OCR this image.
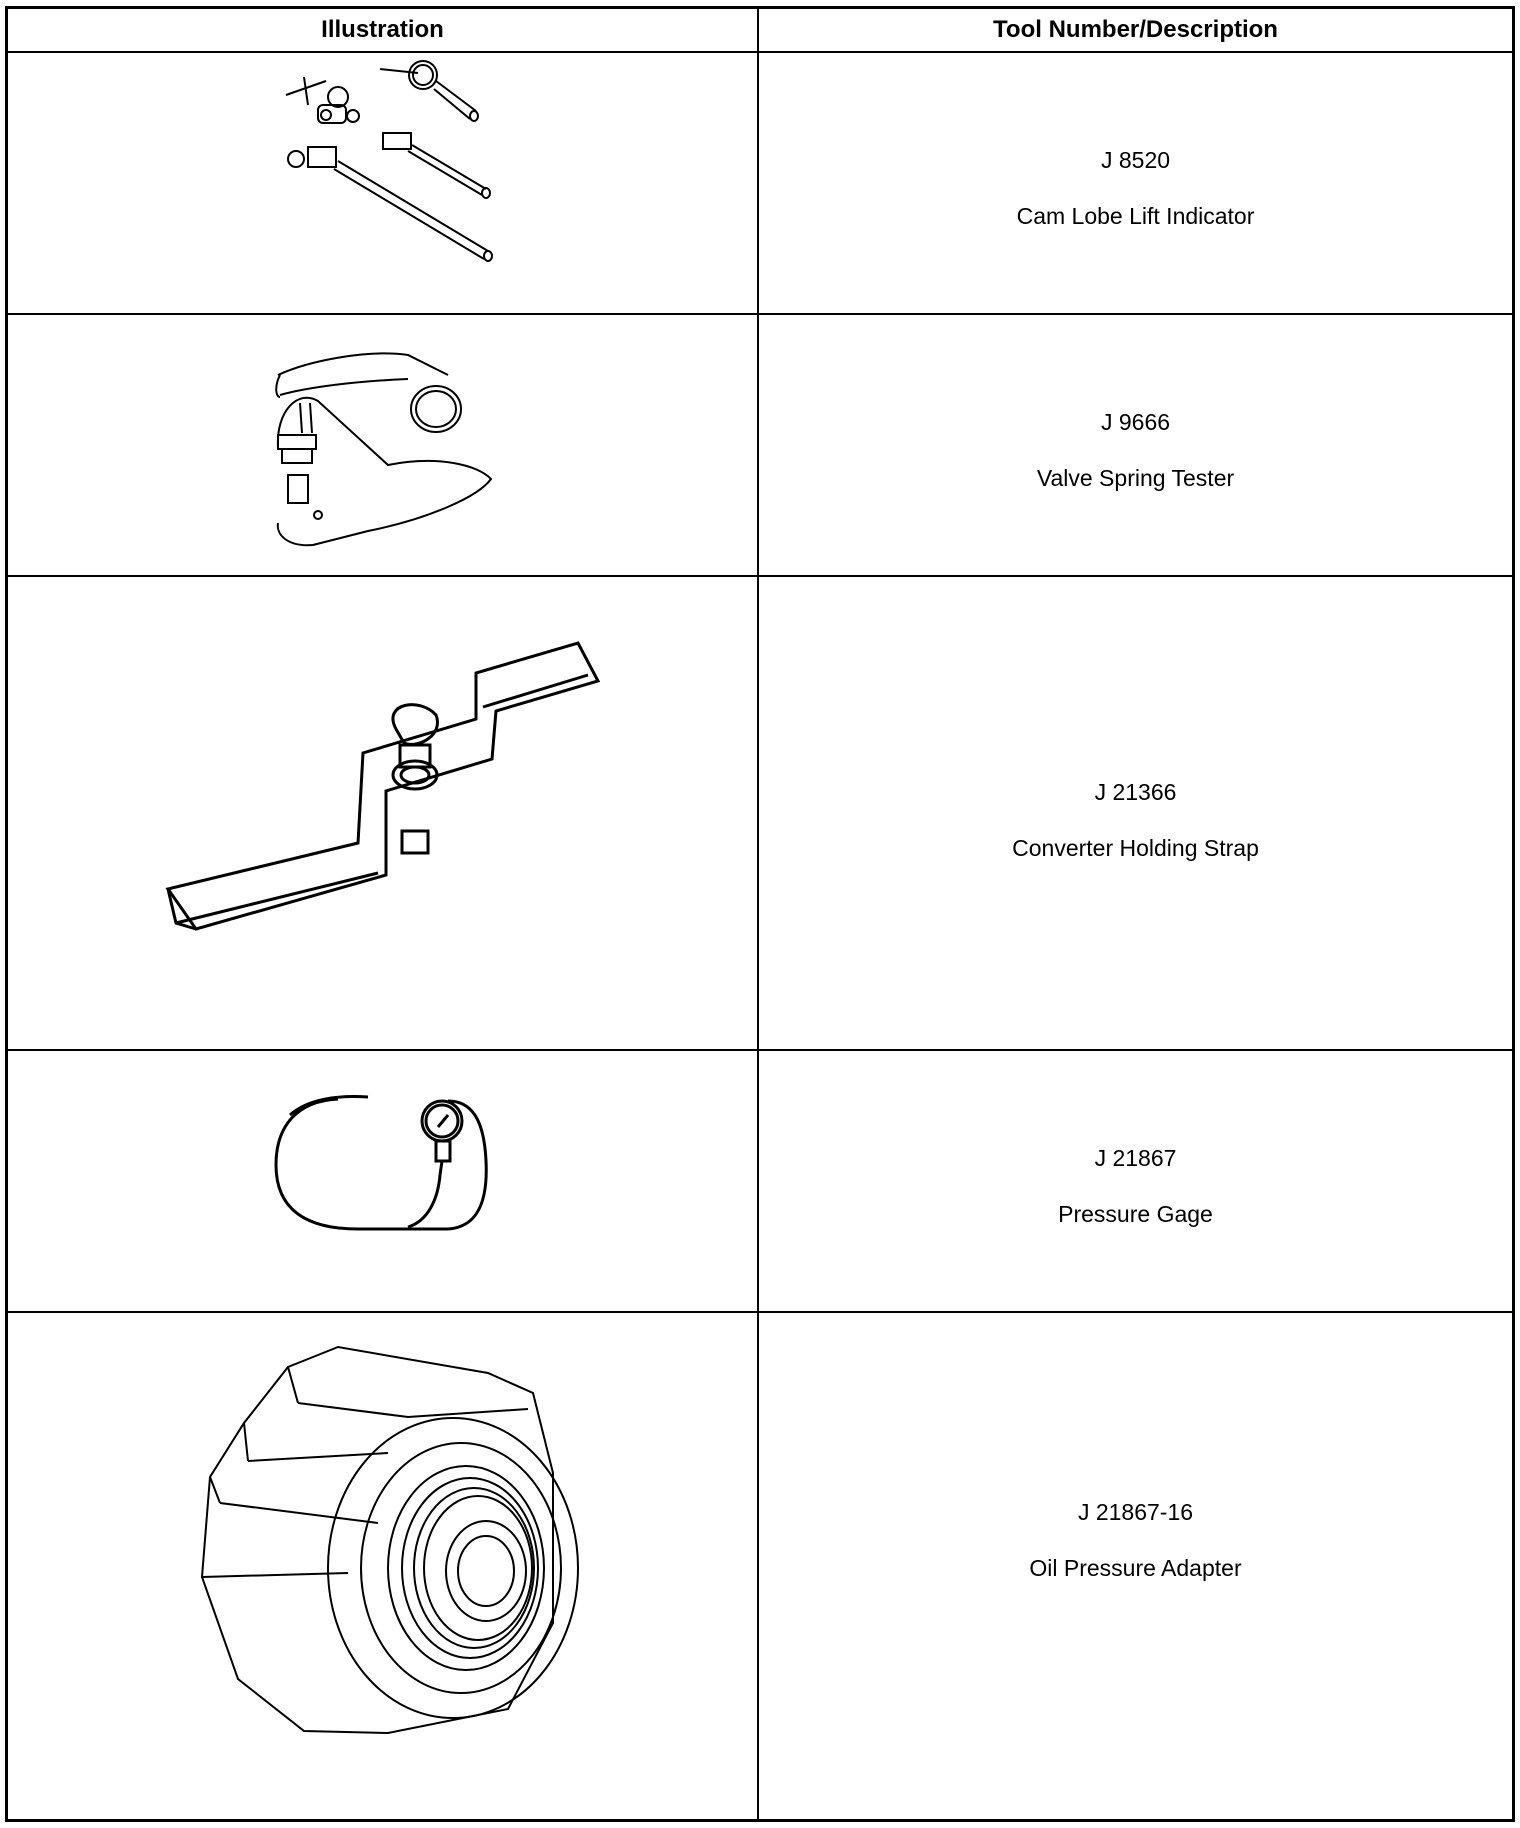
Illustration	Tool Number/Description
J 8520
Cam Lobe Lift Indicator
J 9666
Valve Spring Tester
J 21366
Converter Holding Strap
J 21867
Pressure Gage
J 21867-16
Oil Pressure Adapter
